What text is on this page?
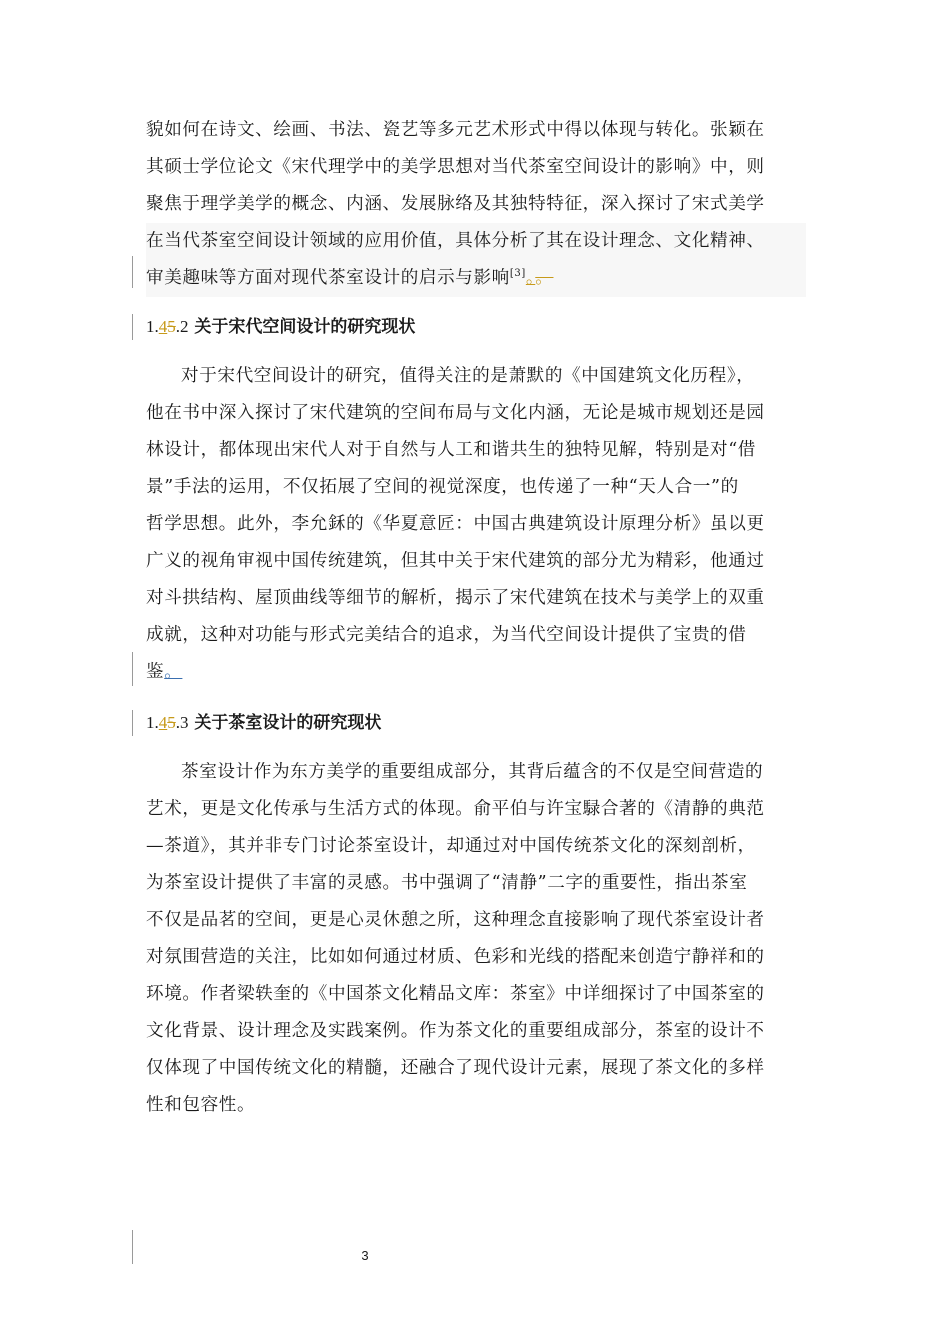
貌如何在诗文、绘画、书法、瓷艺等多元艺术形式中得以体现与转化。张颖在
其硕士学位论文《宋代理学中的美学思想对当代茶室空间设计的影响》中，则
聚焦于理学美学的概念、内涵、发展脉络及其独特特征，深入探讨了宋式美学
在当代茶室空间设计领域的应用价值，具体分析了其在设计理念、文化精神、
审美趣味等方面对现代茶室设计的启示与影响[3]。。
1.45.2 关于宋代空间设计的研究现状
对于宋代空间设计的研究，值得关注的是萧默的《中国建筑文化历程》，
他在书中深入探讨了宋代建筑的空间布局与文化内涵，无论是城市规划还是园
林设计，都体现出宋代人对于自然与人工和谐共生的独特见解，特别是对“借
景”手法的运用，不仅拓展了空间的视觉深度，也传递了一种“天人合一”的
哲学思想。此外，李允鉌的《华夏意匠：中国古典建筑设计原理分析》虽以更
广义的视角审视中国传统建筑，但其中关于宋代建筑的部分尤为精彩，他通过
对斗拱结构、屋顶曲线等细节的解析，揭示了宋代建筑在技术与美学上的双重
成就，这种对功能与形式完美结合的追求，为当代空间设计提供了宝贵的借
鉴。
1.45.3 关于茶室设计的研究现状
茶室设计作为东方美学的重要组成部分，其背后蕴含的不仅是空间营造的
艺术，更是文化传承与生活方式的体现。俞平伯与许宝騄合著的《清静的典范
—茶道》，其并非专门讨论茶室设计，却通过对中国传统茶文化的深刻剖析，
为茶室设计提供了丰富的灵感。书中强调了“清静”二字的重要性，指出茶室
不仅是品茗的空间，更是心灵休憩之所，这种理念直接影响了现代茶室设计者
对氛围营造的关注，比如如何通过材质、色彩和光线的搭配来创造宁静祥和的
环境。作者梁轶奎的《中国茶文化精品文库：茶室》中详细探讨了中国茶室的
文化背景、设计理念及实践案例。作为茶文化的重要组成部分，茶室的设计不
仅体现了中国传统文化的精髓，还融合了现代设计元素，展现了茶文化的多样
性和包容性。
3
